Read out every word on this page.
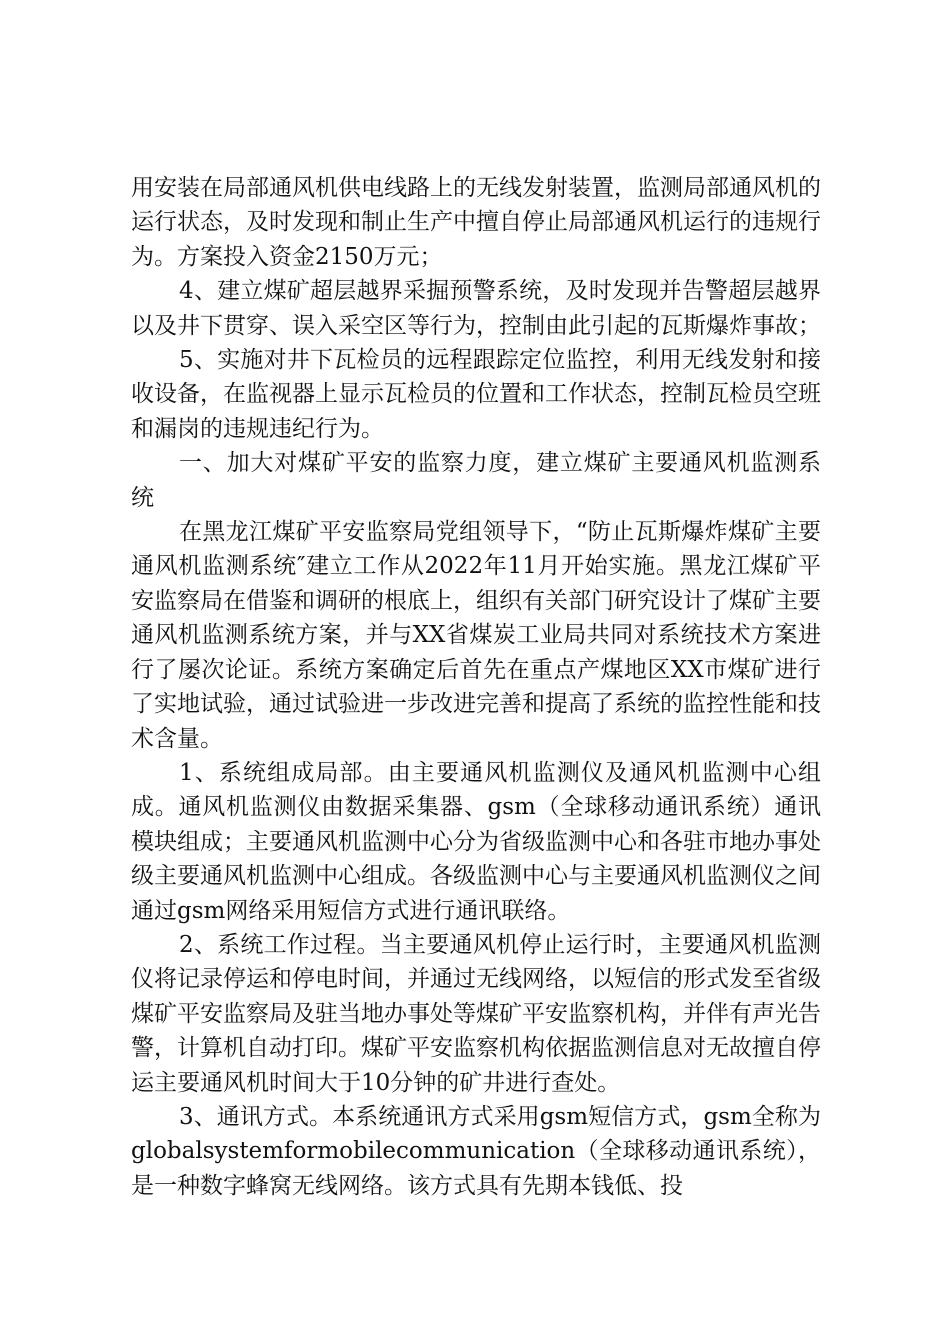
用安装在局部通风机供电线路上的无线发射装置，监测局部通风机的运行状态，及时发现和制止生产中擅自停止局部通风机运行的违规行为。方案投入资金2150万元；

4、建立煤矿超层越界采掘预警系统，及时发现并告警超层越界以及井下贯穿、误入采空区等行为，控制由此引起的瓦斯爆炸事故；

5、实施对井下瓦检员的远程跟踪定位监控，利用无线发射和接收设备，在监视器上显示瓦检员的位置和工作状态，控制瓦检员空班和漏岗的违规违纪行为。

一、加大对煤矿平安的监察力度，建立煤矿主要通风机监测系统

在黑龙江煤矿平安监察局党组领导下，“防止瓦斯爆炸煤矿主要通风机监测系统″建立工作从2022年11月开始实施。黑龙江煤矿平安监察局在借鉴和调研的根底上，组织有关部门研究设计了煤矿主要通风机监测系统方案，并与XX省煤炭工业局共同对系统技术方案进行了屡次论证。系统方案确定后首先在重点产煤地区XX市煤矿进行了实地试验，通过试验进一步改进完善和提高了系统的监控性能和技术含量。

1、系统组成局部。由主要通风机监测仪及通风机监测中心组成。通风机监测仪由数据采集器、gsm（全球移动通讯系统）通讯模块组成；主要通风机监测中心分为省级监测中心和各驻市地办事处级主要通风机监测中心组成。各级监测中心与主要通风机监测仪之间通过gsm网络采用短信方式进行通讯联络。

2、系统工作过程。当主要通风机停止运行时，主要通风机监测仪将记录停运和停电时间，并通过无线网络，以短信的形式发至省级煤矿平安监察局及驻当地办事处等煤矿平安监察机构，并伴有声光告警，计算机自动打印。煤矿平安监察机构依据监测信息对无故擅自停运主要通风机时间大于10分钟的矿井进行查处。

3、通讯方式。本系统通讯方式采用gsm短信方式，gsm全称为globalsystemformobilecommunication（全球移动通讯系统），是一种数字蜂窝无线网络。该方式具有先期本钱低、投
